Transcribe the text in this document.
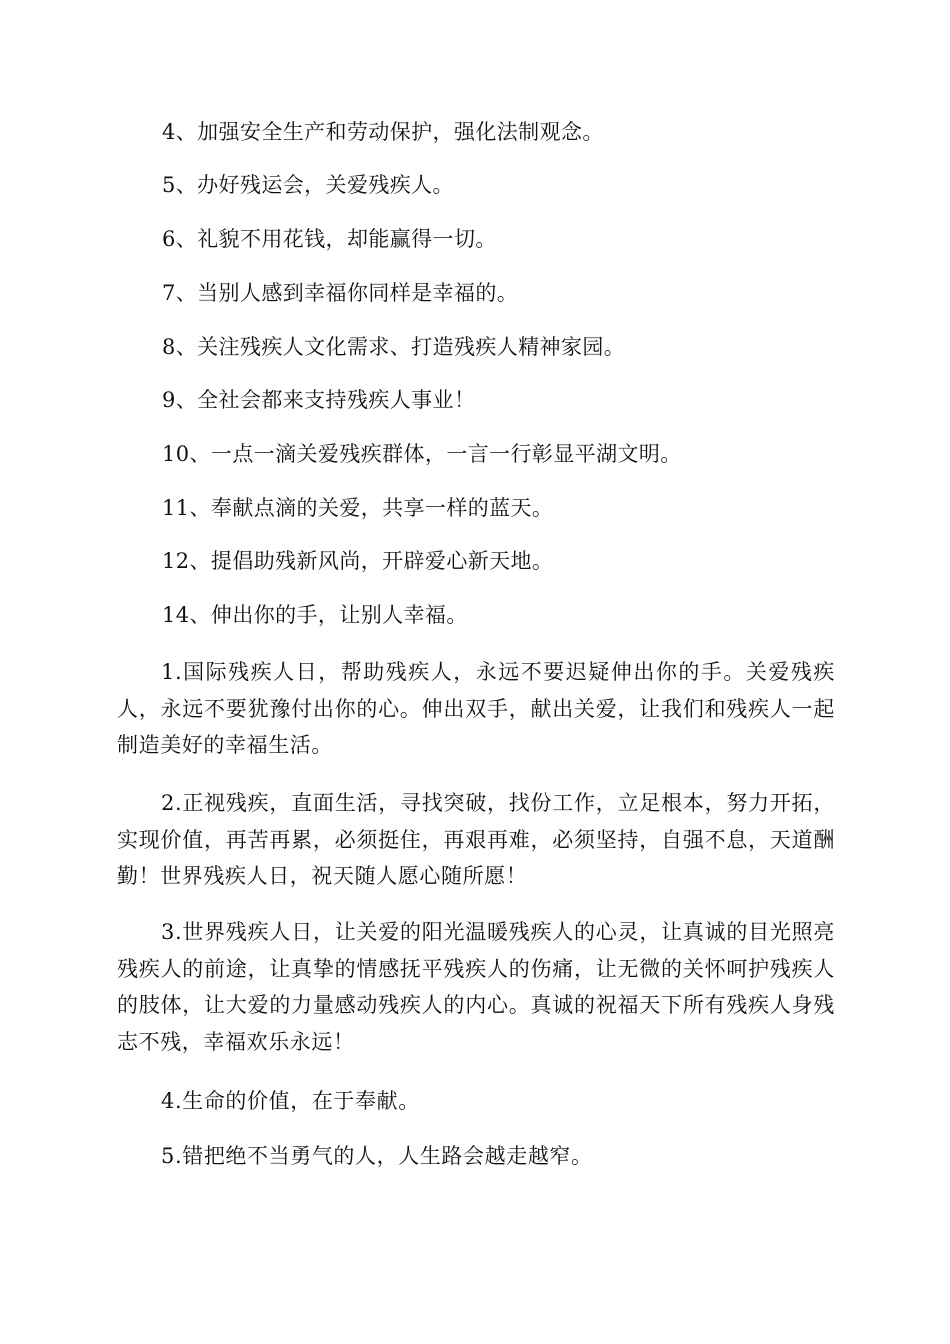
4、加强安全生产和劳动保护，强化法制观念。
5、办好残运会，关爱残疾人。
6、礼貌不用花钱，却能赢得一切。
7、当别人感到幸福你同样是幸福的。
8、关注残疾人文化需求、打造残疾人精神家园。
9、全社会都来支持残疾人事业！
10、一点一滴关爱残疾群体，一言一行彰显平湖文明。
11、奉献点滴的关爱，共享一样的蓝天。
12、提倡助残新风尚，开辟爱心新天地。
14、伸出你的手，让别人幸福。
1.国际残疾人日，帮助残疾人，永远不要迟疑伸出你的手。关爱残疾人，永远不要犹豫付出你的心。伸出双手，献出关爱，让我们和残疾人一起制造美好的幸福生活。
2.正视残疾，直面生活，寻找突破，找份工作，立足根本，努力开拓，实现价值，再苦再累，必须挺住，再艰再难，必须坚持，自强不息，天道酬勤！世界残疾人日，祝天随人愿心随所愿！
3.世界残疾人日，让关爱的阳光温暖残疾人的心灵，让真诚的目光照亮残疾人的前途，让真挚的情感抚平残疾人的伤痛，让无微的关怀呵护残疾人的肢体，让大爱的力量感动残疾人的内心。真诚的祝福天下所有残疾人身残志不残，幸福欢乐永远！
4.生命的价值，在于奉献。
5.错把绝不当勇气的人，人生路会越走越窄。
